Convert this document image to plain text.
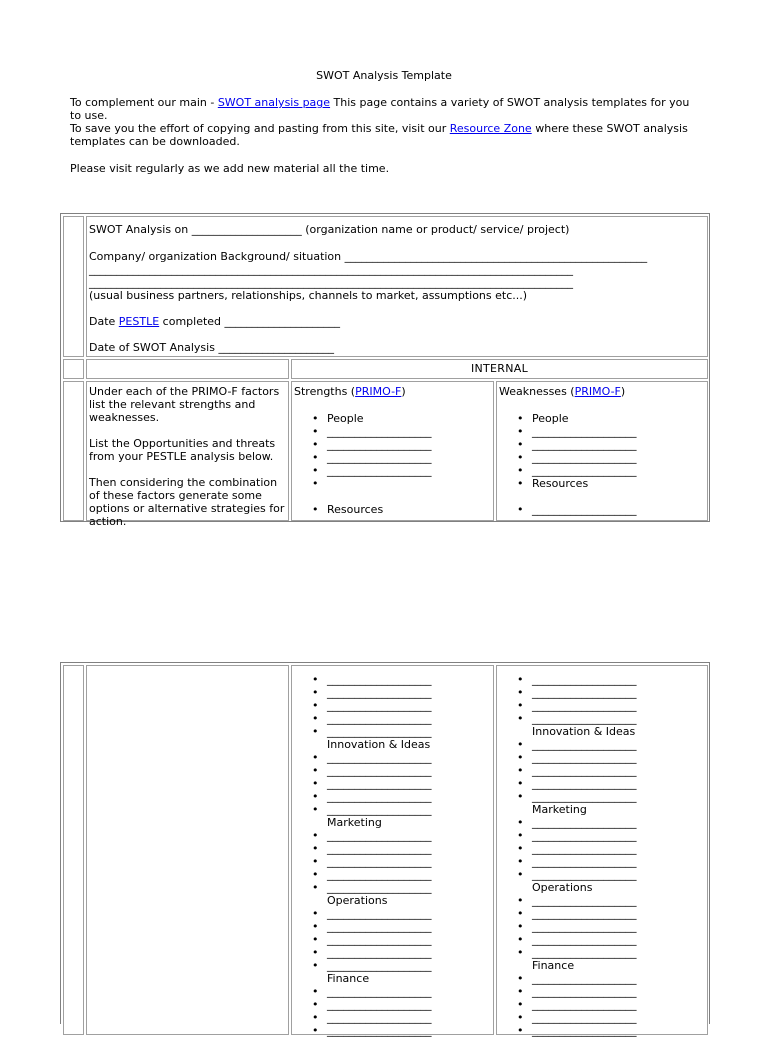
SWOT Analysis Template

To complement our main - SWOT analysis page This page contains a variety of SWOT analysis templates for you to use.

To save you the effort of copying and pasting from this site, visit our Resource Zone where these SWOT analysis templates can be downloaded.

Please visit regularly as we add new material all the time.

SWOT Analysis on ____________________ (organization name or product/ service/ project)
Company/ organization Background/ situation _______________________________________________________
________________________________________________________________________________________
________________________________________________________________________________________
(usual business partners, relationships, channels to market, assumptions etc...)
Date PESTLE completed _____________________
Date of SWOT Analysis _____________________
INTERNAL

Under each of the PRIMO-F factors list the relevant strengths and weaknesses.

List the Opportunities and threats from your PESTLE analysis below.

Then considering the combination of these factors generate some options or alternative strategies for action.

Strengths (PRIMO-F)
• People
• ___________________
• ___________________
• ___________________
• ___________________
•
• Resources
Weaknesses (PRIMO-F)
• People
• ___________________
• ___________________
• ___________________
• ___________________
• Resources
• ___________________
• ___________________
• ___________________
• ___________________
• ___________________
• ___________________
Innovation & Ideas
• ___________________
• ___________________
• ___________________
• ___________________
• ___________________
Marketing
• ___________________
• ___________________
• ___________________
• ___________________
• ___________________
Operations
• ___________________
• ___________________
• ___________________
• ___________________
• ___________________
Finance
• ___________________
• ___________________
• ___________________
• ___________________
• ___________________
• ___________________
• ___________________
• ___________________
Innovation & Ideas
• ___________________
• ___________________
• ___________________
• ___________________
• ___________________
Marketing
• ___________________
• ___________________
• ___________________
• ___________________
• ___________________
Operations
• ___________________
• ___________________
• ___________________
• ___________________
• ___________________
Finance
• ___________________
• ___________________
• ___________________
• ___________________
• ___________________
